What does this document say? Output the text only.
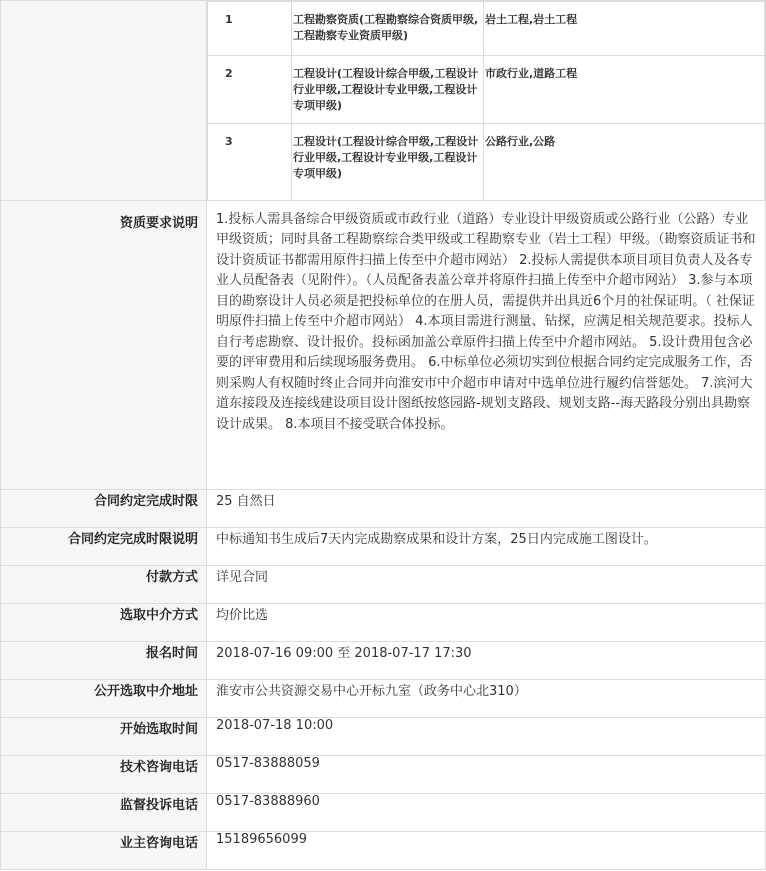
1	工程勘察资质(工程勘察综合资质甲级,工程勘察专业资质甲级)	岩土工程,岩土工程
2	工程设计(工程设计综合甲级,工程设计行业甲级,工程设计专业甲级,工程设计专项甲级)	市政行业,道路工程
3	工程设计(工程设计综合甲级,工程设计行业甲级,工程设计专业甲级,工程设计专项甲级)	公路行业,公路

资质要求说明	1.投标人需具备综合甲级资质或市政行业（道路）专业设计甲级资质或公路行业（公路）专业甲级资质；同时具备工程勘察综合类甲级或工程勘察专业（岩土工程）甲级。（勘察资质证书和设计资质证书都需用原件扫描上传至中介超市网站） 2.投标人需提供本项目项目负责人及各专业人员配备表（见附件）。（人员配备表盖公章并将原件扫描上传至中介超市网站） 3.参与本项目的勘察设计人员必须是把投标单位的在册人员，需提供并出具近6个月的社保证明。（ 社保证明原件扫描上传至中介超市网站） 4.本项目需进行测量、钻探，应满足相关规范要求。投标人自行考虑勘察、设计报价。投标函加盖公章原件扫描上传至中介超市网站。 5.设计费用包含必要的评审费用和后续现场服务费用。 6.中标单位必须切实到位根据合同约定完成服务工作，否则采购人有权随时终止合同并向淮安市中介超市申请对中选单位进行履约信誉惩处。 7.滨河大道东接段及连接线建设项目设计图纸按悠园路-规划支路段、规划支路--海天路段分别出具勘察设计成果。 8.本项目不接受联合体投标。
合同约定完成时限	25 自然日
合同约定完成时限说明	中标通知书生成后7天内完成勘察成果和设计方案，25日内完成施工图设计。
付款方式	详见合同
选取中介方式	均价比选
报名时间	2018-07-16 09:00 至 2018-07-17 17:30
公开选取中介地址	淮安市公共资源交易中心开标九室（政务中心北310）
开始选取时间	2018-07-18 10:00
技术咨询电话	0517-83888059
监督投诉电话	0517-83888960
业主咨询电话	15189656099
